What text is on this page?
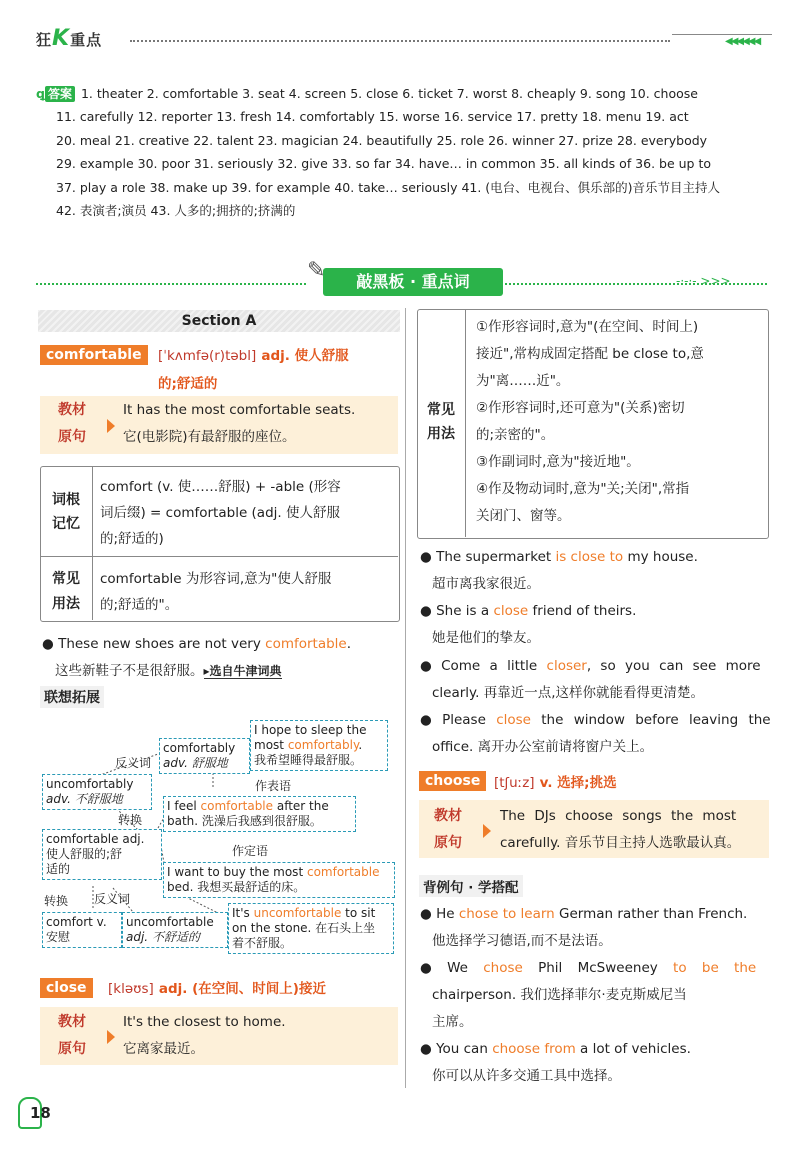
狂K重点	◀◀◀◀◀◀
ꝗ 答案 1. theater 2. comfortable 3. seat 4. screen 5. close 6. ticket 7. worst 8. cheaply 9. song 10. choose
11. carefully 12. reporter 13. fresh 14. comfortably 15. worse 16. service 17. pretty 18. menu 19. act
20. meal 21. creative 22. talent 23. magician 24. beautifully 25. role 26. winner 27. prize 28. everybody
29. example 30. poor 31. seriously 32. give 33. so far 34. have… in common 35. all kinds of 36. be up to
37. play a role 38. make up 39. for example 40. take… seriously 41. (电台、电视台、俱乐部的)音乐节目主持人
42. 表演者;演员 43. 人多的;拥挤的;挤满的
-·-·- >>>
敲黑板 · 重点词
✎
Section A
comfortable	[ˈkʌmfə(r)təbl] adj. 使人舒服
的;舒适的
教材
原句
It has the most comfortable seats.
它(电影院)有最舒服的座位。
词根
记忆
comfort (v. 使……舒服) + -able (形容
词后缀) = comfortable (adj. 使人舒服
的;舒适的)
常见
用法
comfortable 为形容词,意为"使人舒服
的;舒适的"。
● These new shoes are not very comfortable.
这些新鞋子不是很舒服。▸选自牛津词典
联想拓展
反义词
comfortably
adv. 舒服地
I hope to sleep the
most comfortably.
我希望睡得最舒服。
作表语
uncomfortably
adv. 不舒服地
转换
I feel comfortable after the
bath. 洗澡后我感到很舒服。
comfortable adj.
使人舒服的;舒
适的
作定语
I want to buy the most comfortable
bed. 我想买最舒适的床。
转换 反义词
comfort v.
安慰
uncomfortable
adj. 不舒适的
It's uncomfortable to sit
on the stone. 在石头上坐
着不舒服。
close	[kləʊs] adj. (在空间、时间上)接近
教材
原句
It's the closest to home.
它离家最近。
常见
用法
①作形容词时,意为"(在空间、时间上)
接近",常构成固定搭配 be close to,意
为"离……近"。
②作形容词时,还可意为"(关系)密切
的;亲密的"。
③作副词时,意为"接近地"。
④作及物动词时,意为"关;关闭",常指
关闭门、窗等。
● The supermarket is close to my house.
超市离我家很近。
● She is a close friend of theirs.
她是他们的挚友。
● Come a little closer, so you can see more
clearly. 再靠近一点,这样你就能看得更清楚。
● Please close the window before leaving the
office. 离开办公室前请将窗户关上。
choose	[tʃuːz] v. 选择;挑选
教材
原句
The DJs choose songs the most
carefully. 音乐节目主持人选歌最认真。
背例句 · 学搭配
● He chose to learn German rather than French.
他选择学习德语,而不是法语。
● We chose Phil McSweeney to be the
chairperson. 我们选择菲尔·麦克斯威尼当
主席。
● You can choose from a lot of vehicles.
你可以从许多交通工具中选择。
18
